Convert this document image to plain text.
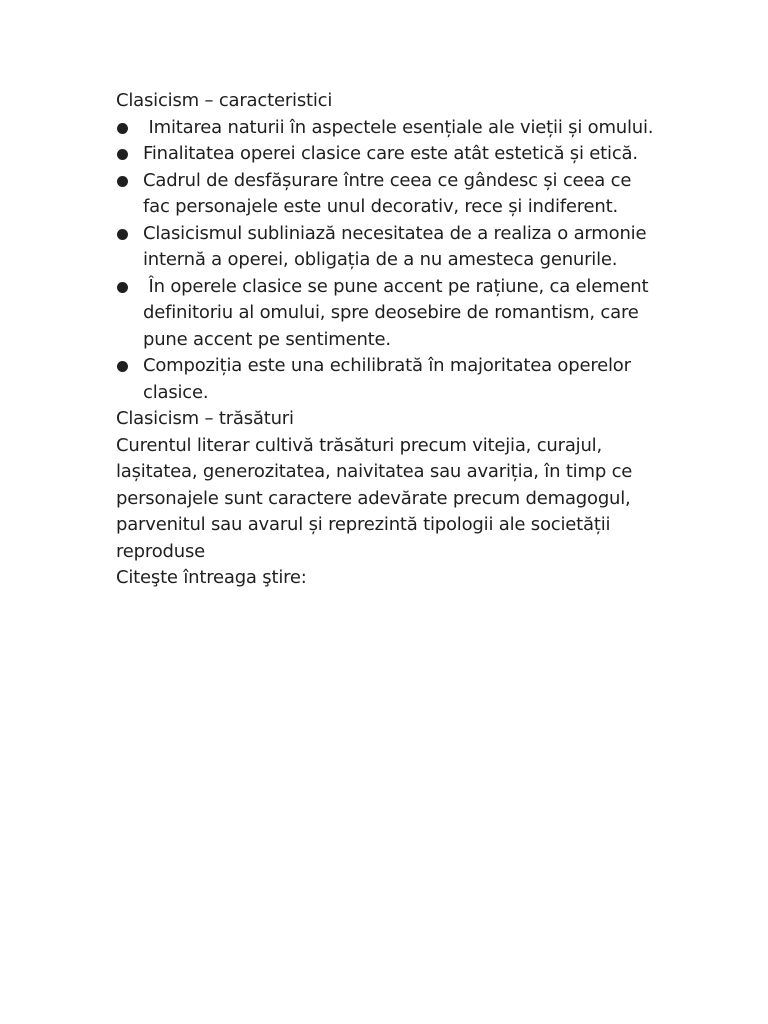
Clasicism – caracteristici

Imitarea naturii în aspectele esențiale ale vieții și omului.
Finalitatea operei clasice care este atât estetică și etică.
Cadrul de desfășurare între ceea ce gândesc și ceea ce fac personajele este unul decorativ, rece și indiferent.
Clasicismul subliniază necesitatea de a realiza o armonie internă a operei, obligația de a nu amesteca genurile.
În operele clasice se pune accent pe rațiune, ca element definitoriu al omului, spre deosebire de romantism, care pune accent pe sentimente.
Compoziția este una echilibrată în majoritatea operelor clasice.

Clasicism – trăsături

Curentul literar cultivă trăsături precum vitejia, curajul, lașitatea, generozitatea, naivitatea sau avariția, în timp ce personajele sunt caractere adevărate precum demagogul, parvenitul sau avarul și reprezintă tipologii ale societății reproduse

Citeşte întreaga ştire:
